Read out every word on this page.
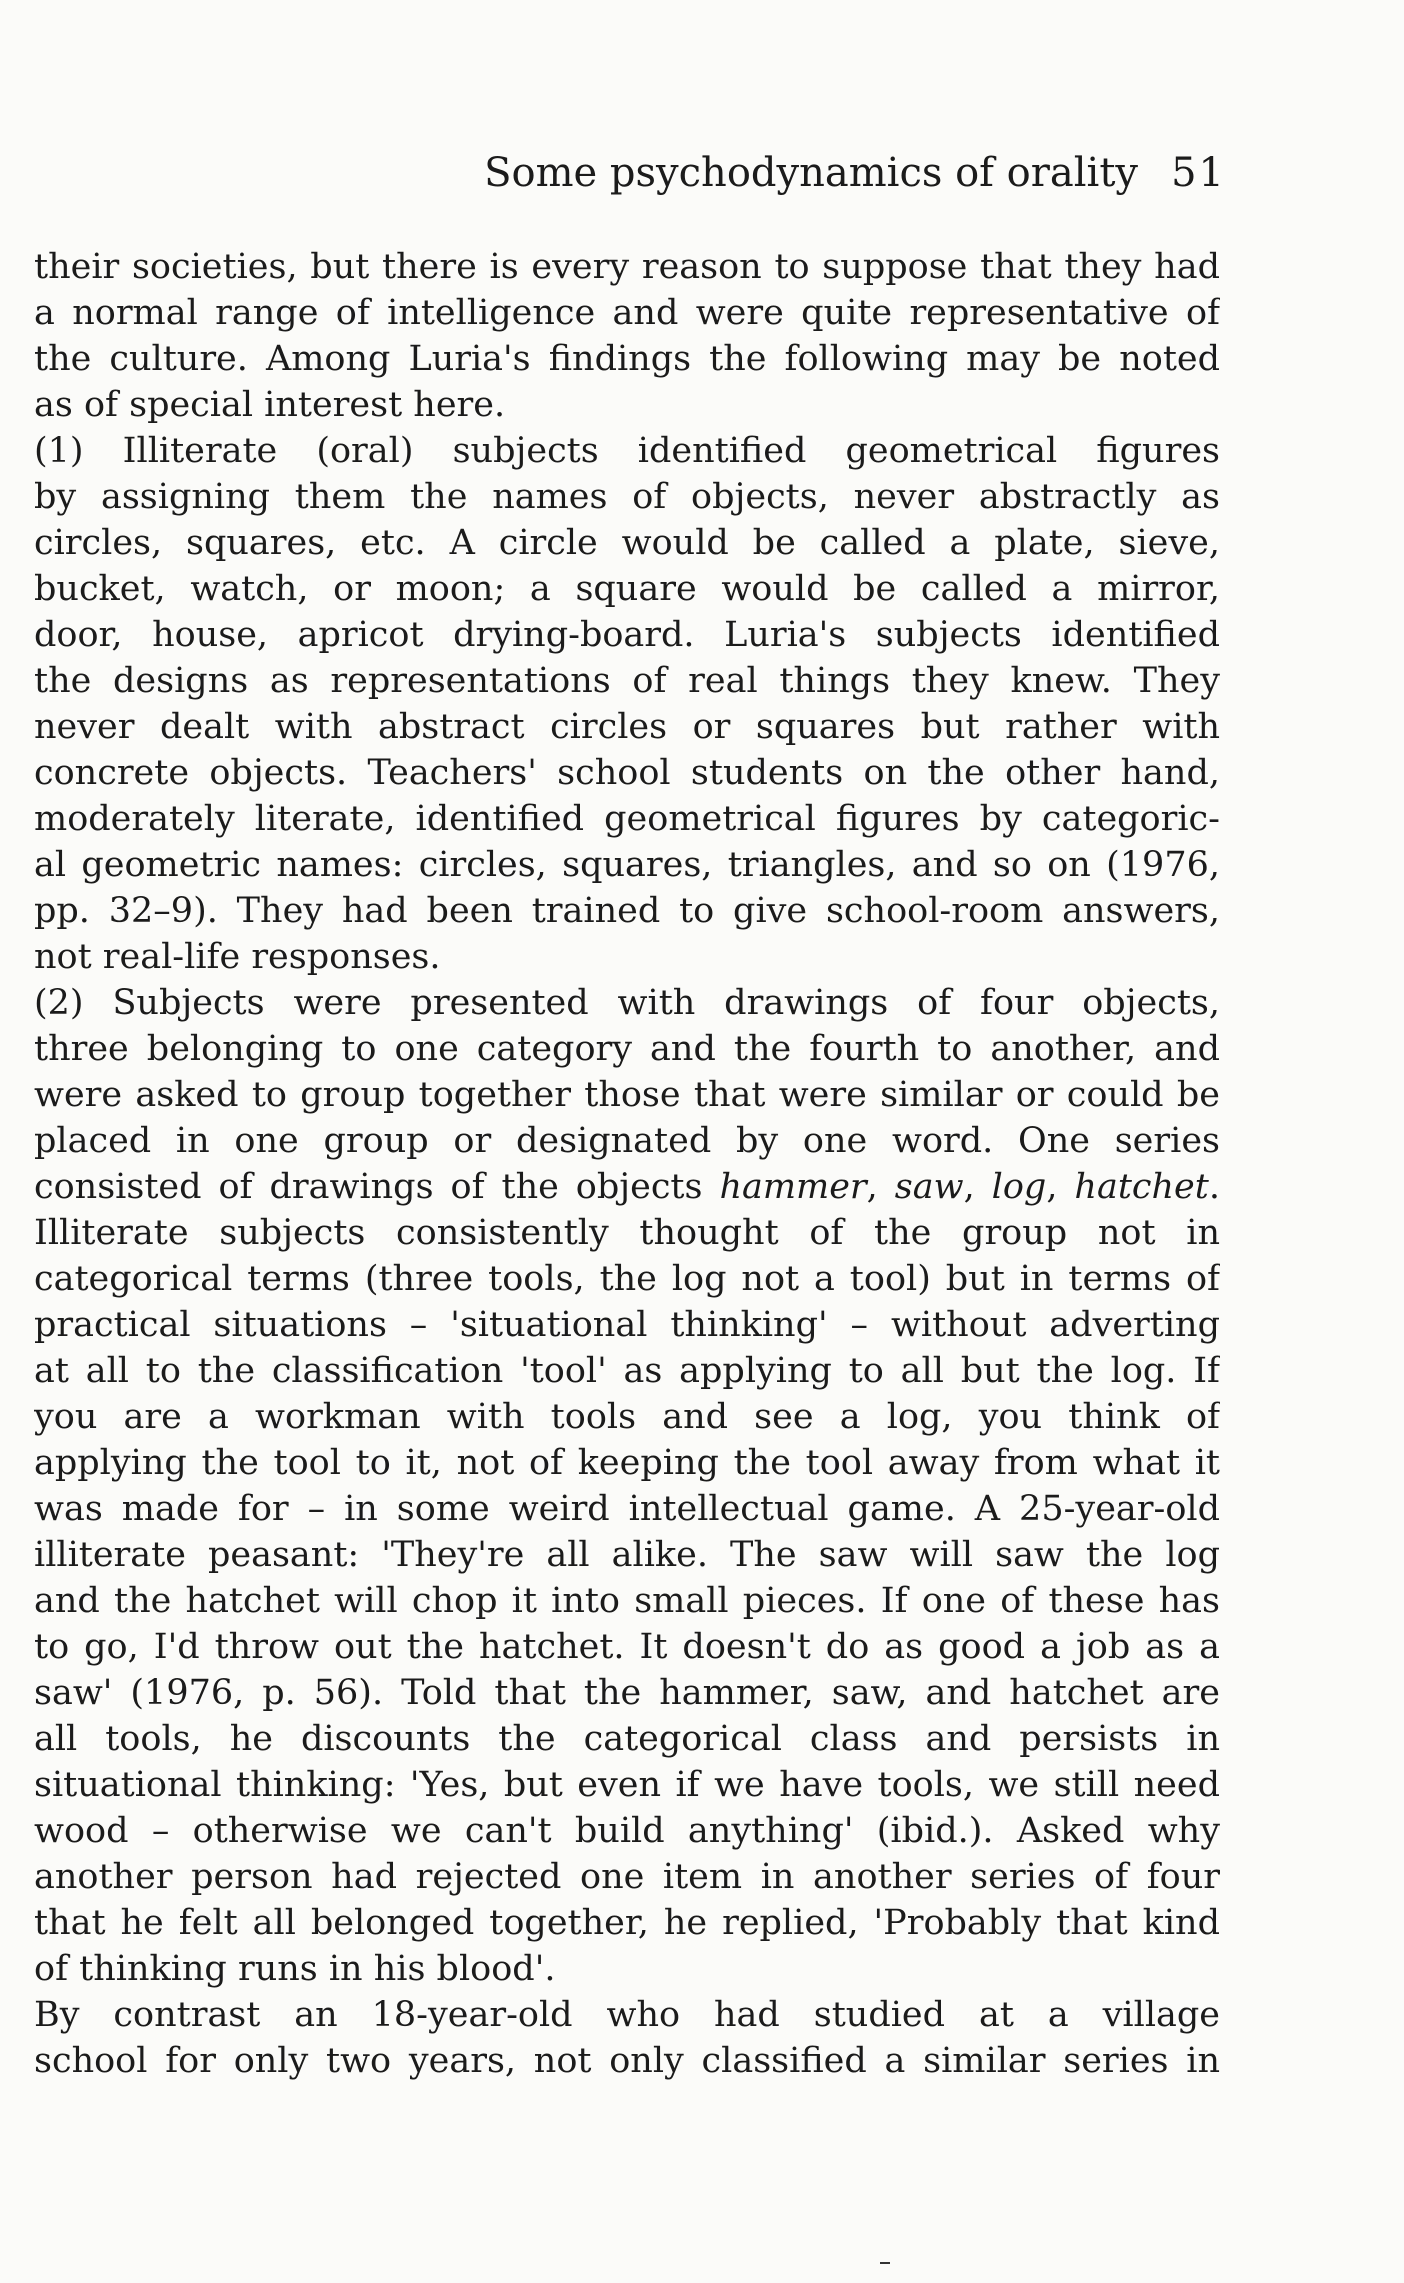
Some psychodynamics of orality 51
their societies, but there is every reason to suppose that they had
a normal range of intelligence and were quite representative of
the culture. Among Luria's findings the following may be noted
as of special interest here.
(1) Illiterate (oral) subjects identified geometrical figures
by assigning them the names of objects, never abstractly as
circles, squares, etc. A circle would be called a plate, sieve,
bucket, watch, or moon; a square would be called a mirror,
door, house, apricot drying-board. Luria's subjects identified
the designs as representations of real things they knew. They
never dealt with abstract circles or squares but rather with
concrete objects. Teachers' school students on the other hand,
moderately literate, identified geometrical figures by categoric-
al geometric names: circles, squares, triangles, and so on (1976,
pp. 32–9). They had been trained to give school-room answers,
not real-life responses.
(2) Subjects were presented with drawings of four objects,
three belonging to one category and the fourth to another, and
were asked to group together those that were similar or could be
placed in one group or designated by one word. One series
consisted of drawings of the objects hammer, saw, log, hatchet.
Illiterate subjects consistently thought of the group not in
categorical terms (three tools, the log not a tool) but in terms of
practical situations – 'situational thinking' – without adverting
at all to the classification 'tool' as applying to all but the log. If
you are a workman with tools and see a log, you think of
applying the tool to it, not of keeping the tool away from what it
was made for – in some weird intellectual game. A 25-year-old
illiterate peasant: 'They're all alike. The saw will saw the log
and the hatchet will chop it into small pieces. If one of these has
to go, I'd throw out the hatchet. It doesn't do as good a job as a
saw' (1976, p. 56). Told that the hammer, saw, and hatchet are
all tools, he discounts the categorical class and persists in
situational thinking: 'Yes, but even if we have tools, we still need
wood – otherwise we can't build anything' (ibid.). Asked why
another person had rejected one item in another series of four
that he felt all belonged together, he replied, 'Probably that kind
of thinking runs in his blood'.
By contrast an 18-year-old who had studied at a village
school for only two years, not only classified a similar series in
